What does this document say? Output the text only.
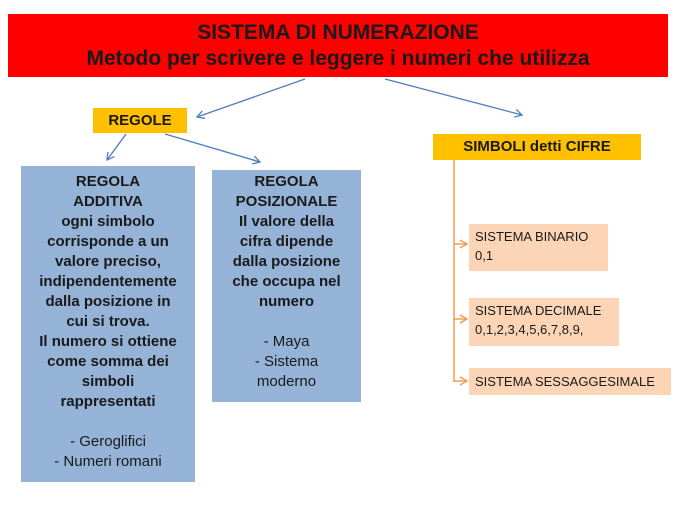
SISTEMA DI NUMERAZIONE
Metodo per scrivere e leggere i numeri che utilizza
REGOLE
SIMBOLI detti CIFRE
REGOLA
ADDITIVA
ogni simbolo
corrisponde a un
valore preciso,
indipendentemente
dalla posizione in
cui si trova.
Il numero si ottiene
come somma dei
simboli
rappresentati
- Geroglifici
- Numeri romani
REGOLA
POSIZIONALE
Il valore della
cifra dipende
dalla posizione
che occupa nel
numero
- Maya
- Sistema
moderno
SISTEMA BINARIO
0,1
SISTEMA DECIMALE
0,1,2,3,4,5,6,7,8,9,
SISTEMA SESSAGGESIMALE
